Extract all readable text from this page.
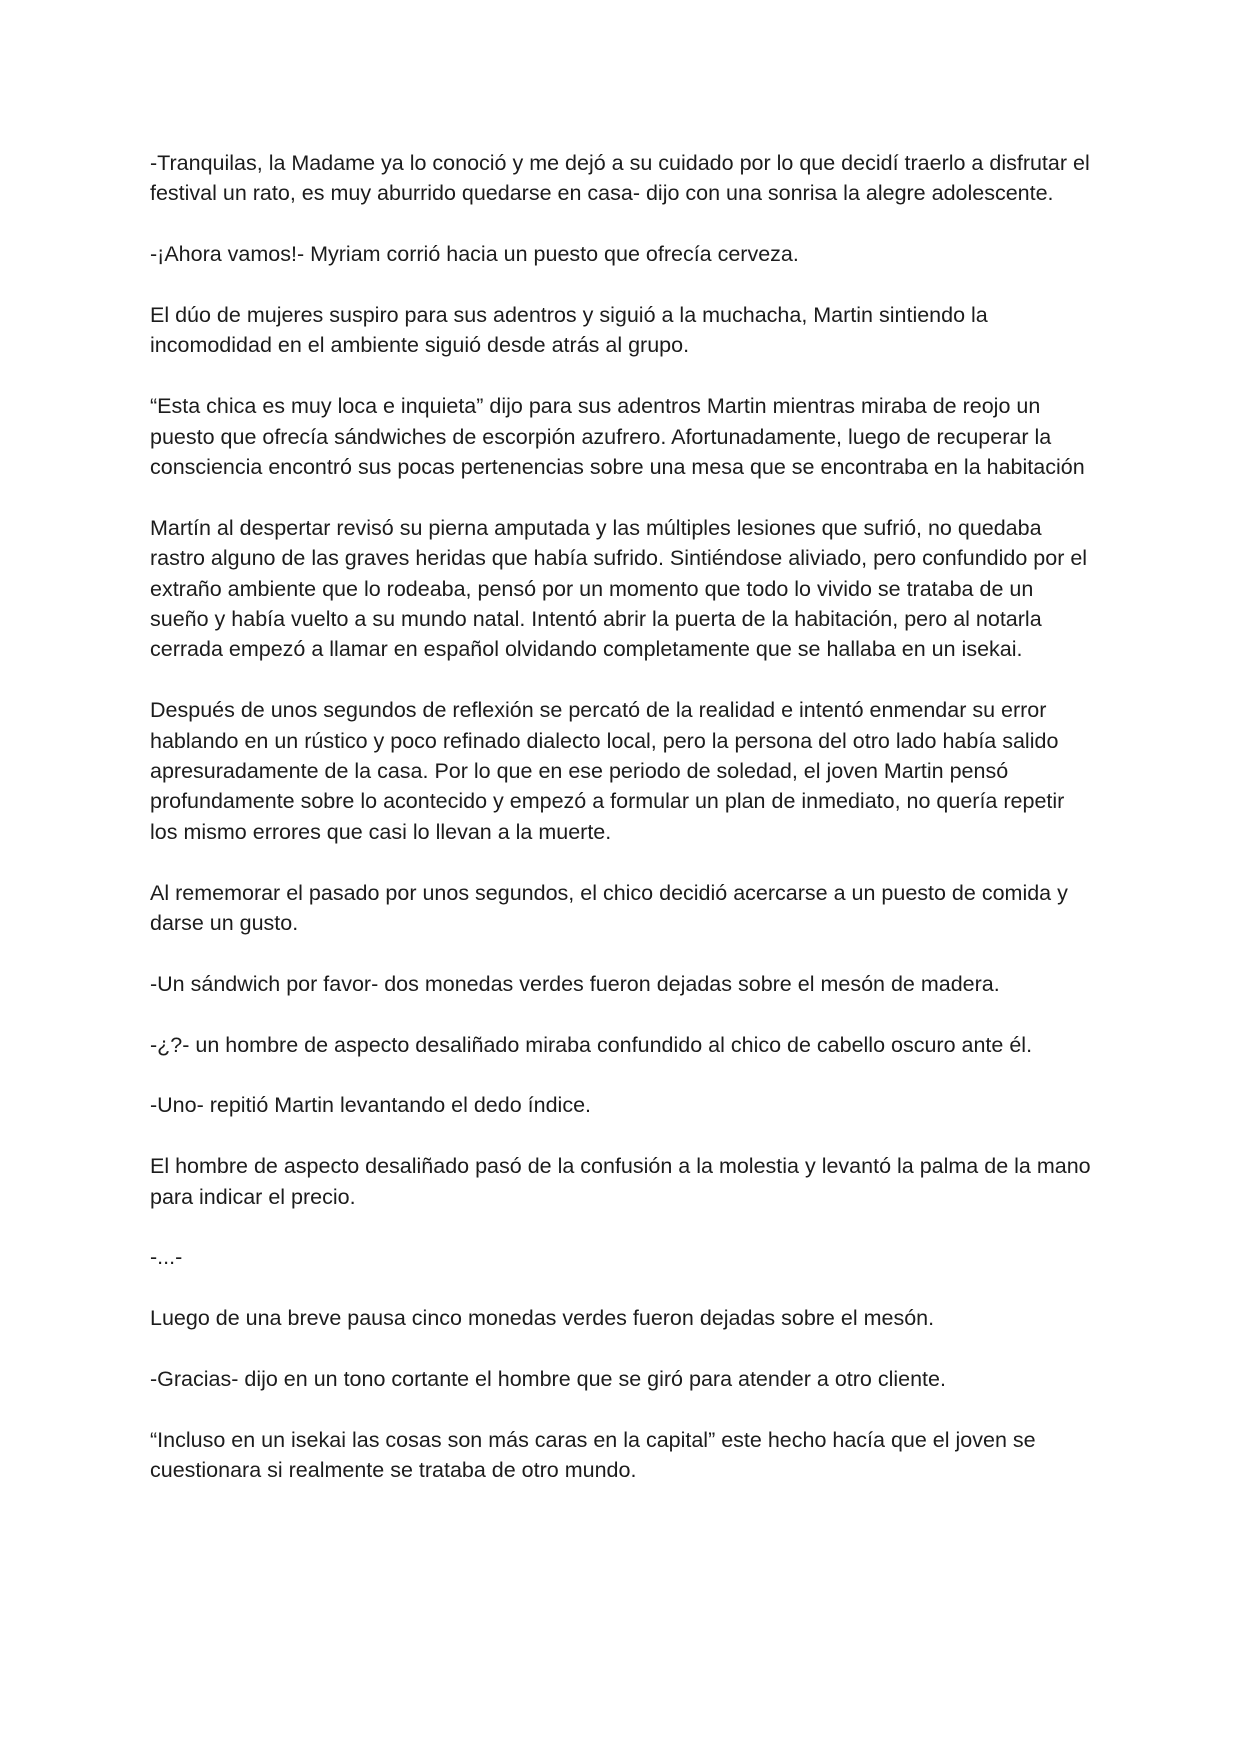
-Tranquilas, la Madame ya lo conoció y me dejó a su cuidado por lo que decidí traerlo a disfrutar el festival un rato, es muy aburrido quedarse en casa- dijo con una sonrisa la alegre adolescente.

-¡Ahora vamos!- Myriam corrió hacia un puesto que ofrecía cerveza.

El dúo de mujeres suspiro para sus adentros y siguió a la muchacha, Martin sintiendo la incomodidad en el ambiente siguió desde atrás al grupo.

“Esta chica es muy loca e inquieta” dijo para sus adentros Martin mientras miraba de reojo un puesto que ofrecía sándwiches de escorpión azufrero. Afortunadamente, luego de recuperar la consciencia encontró sus pocas pertenencias sobre una mesa que se encontraba en la habitación

Martín al despertar revisó su pierna amputada y las múltiples lesiones que sufrió, no quedaba rastro alguno de las graves heridas que había sufrido. Sintiéndose aliviado, pero confundido por el extraño ambiente que lo rodeaba, pensó por un momento que todo lo vivido se trataba de un sueño y había vuelto a su mundo natal. Intentó abrir la puerta de la habitación, pero al notarla cerrada empezó a llamar en español olvidando completamente que se hallaba en un isekai.

Después de unos segundos de reflexión se percató de la realidad e intentó enmendar su error hablando en un rústico y poco refinado dialecto local, pero la persona del otro lado había salido apresuradamente de la casa. Por lo que en ese periodo de soledad, el joven Martin pensó profundamente sobre lo acontecido y empezó a formular un plan de inmediato, no quería repetir los mismo errores que casi lo llevan a la muerte.

Al rememorar el pasado por unos segundos, el chico decidió acercarse a un puesto de comida y darse un gusto.

-Un sándwich por favor- dos monedas verdes fueron dejadas sobre el mesón de madera.

-¿?- un hombre de aspecto desaliñado miraba confundido al chico de cabello oscuro ante él.

-Uno- repitió Martin levantando el dedo índice.

El hombre de aspecto desaliñado pasó de la confusión a la molestia y levantó la palma de la mano para indicar el precio.

-...-

Luego de una breve pausa cinco monedas verdes fueron dejadas sobre el mesón.

-Gracias- dijo en un tono cortante el hombre que se giró para atender a otro cliente.

“Incluso en un isekai las cosas son más caras en la capital” este hecho hacía que el joven se cuestionara si realmente se trataba de otro mundo.
